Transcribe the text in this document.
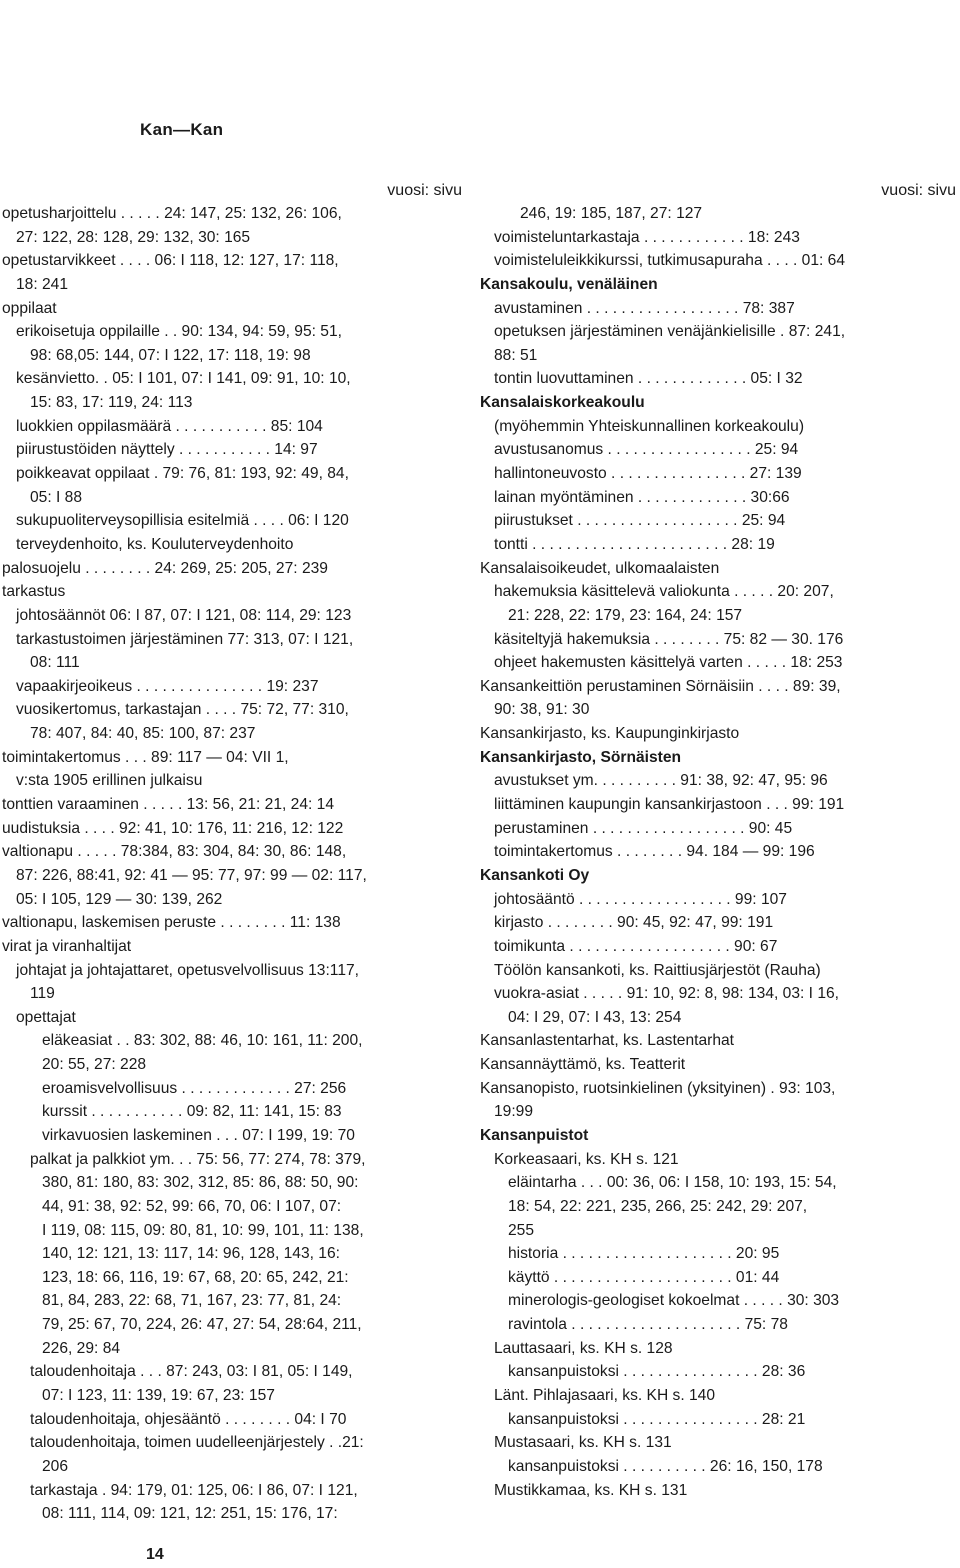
Kan—Kan
vuosi: sivu
opetusharjoittelu . . . . . 24: 147, 25: 132, 26: 106,
27: 122, 28: 128, 29: 132, 30: 165
opetustarvikkeet . . . . 06: I 118, 12: 127, 17: 118,
18: 241
oppilaat
erikoisetuja oppilaille . . 90: 134, 94: 59, 95: 51,
98: 68,05: 144, 07: I 122, 17: 118, 19: 98
kesänvietto. . 05: I 101, 07: I 141, 09: 91, 10: 10,
15: 83, 17: 119, 24: 113
luokkien oppilasmäärä . . . . . . . . . . . 85: 104
piirustustöiden näyttely . . . . . . . . . . . 14: 97
poikkeavat oppilaat . 79: 76, 81: 193, 92: 49, 84,
05: I 88
sukupuoliterveysopillisia esitelmiä . . . . 06: I 120
terveydenhoito, ks. Kouluterveydenhoito
palosuojelu . . . . . . . . 24: 269, 25: 205, 27: 239
tarkastus
johtosäännöt 06: I 87, 07: I 121, 08: 114, 29: 123
tarkastustoimen järjestäminen 77: 313, 07: I 121,
08: 111
vapaakirjeoikeus . . . . . . . . . . . . . . . 19: 237
vuosikertomus, tarkastajan . . . . 75: 72, 77: 310,
78: 407, 84: 40, 85: 100, 87: 237
toimintakertomus . . . 89: 117 — 04: VII 1,
v:sta 1905 erillinen julkaisu
tonttien varaaminen . . . . . 13: 56, 21: 21, 24: 14
uudistuksia . . . . 92: 41, 10: 176, 11: 216, 12: 122
valtionapu . . . . . 78:384, 83: 304, 84: 30, 86: 148,
87: 226, 88:41, 92: 41 — 95: 77, 97: 99 — 02: 117,
05: I 105, 129 — 30: 139, 262
valtionapu, laskemisen peruste . . . . . . . . 11: 138
virat ja viranhaltijat
johtajat ja johtajattaret, opetusvelvollisuus 13:117,
119
opettajat
eläkeasiat . . 83: 302, 88: 46, 10: 161, 11: 200,
20: 55, 27: 228
eroamisvelvollisuus . . . . . . . . . . . . . 27: 256
kurssit . . . . . . . . . . . 09: 82, 11: 141, 15: 83
virkavuosien laskeminen . . . 07: I 199, 19: 70
palkat ja palkkiot ym. . . 75: 56, 77: 274, 78: 379,
380, 81: 180, 83: 302, 312, 85: 86, 88: 50, 90:
44, 91: 38, 92: 52, 99: 66, 70, 06: I 107, 07:
I 119, 08: 115, 09: 80, 81, 10: 99, 101, 11: 138,
140, 12: 121, 13: 117, 14: 96, 128, 143, 16:
123, 18: 66, 116, 19: 67, 68, 20: 65, 242, 21:
81, 84, 283, 22: 68, 71, 167, 23: 77, 81, 24:
79, 25: 67, 70, 224, 26: 47, 27: 54, 28:64, 211,
226, 29: 84
taloudenhoitaja . . . 87: 243, 03: I 81, 05: I 149,
07: I 123, 11: 139, 19: 67, 23: 157
taloudenhoitaja, ohjesääntö . . . . . . . . 04: I 70
taloudenhoitaja, toimen uudelleenjärjestely . .21:
206
tarkastaja . 94: 179, 01: 125, 06: I 86, 07: I 121,
08: 111, 114, 09: 121, 12: 251, 15: 176, 17:
vuosi: sivu
246, 19: 185, 187, 27: 127
voimisteluntarkastaja . . . . . . . . . . . . 18: 243
voimisteluleikkikurssi, tutkimusapuraha . . . . 01: 64
Kansakoulu, venäläinen
avustaminen . . . . . . . . . . . . . . . . . . 78: 387
opetuksen järjestäminen venäjänkielisille . 87: 241,
88: 51
tontin luovuttaminen . . . . . . . . . . . . . 05: I 32
Kansalaiskorkeakoulu
(myöhemmin Yhteiskunnallinen korkeakoulu)
avustusanomus . . . . . . . . . . . . . . . . . 25: 94
hallintoneuvosto . . . . . . . . . . . . . . . . 27: 139
lainan myöntäminen . . . . . . . . . . . . . 30:66
piirustukset . . . . . . . . . . . . . . . . . . . 25: 94
tontti . . . . . . . . . . . . . . . . . . . . . . . 28: 19
Kansalaisoikeudet, ulkomaalaisten
hakemuksia käsittelevä valiokunta . . . . . 20: 207,
21: 228, 22: 179, 23: 164, 24: 157
käsiteltyjä hakemuksia . . . . . . . . 75: 82 — 30. 176
ohjeet hakemusten käsittelyä varten . . . . . 18: 253
Kansankeittiön perustaminen Sörnäisiin . . . . 89: 39,
90: 38, 91: 30
Kansankirjasto, ks. Kaupunginkirjasto
Kansankirjasto, Sörnäisten
avustukset ym. . . . . . . . . . 91: 38, 92: 47, 95: 96
liittäminen kaupungin kansankirjastoon . . . 99: 191
perustaminen . . . . . . . . . . . . . . . . . . 90: 45
toimintakertomus . . . . . . . . 94. 184 — 99: 196
Kansankoti Oy
johtosääntö . . . . . . . . . . . . . . . . . . 99: 107
kirjasto . . . . . . . . 90: 45, 92: 47, 99: 191
toimikunta . . . . . . . . . . . . . . . . . . . 90: 67
Töölön kansankoti, ks. Raittiusjärjestöt (Rauha)
vuokra-asiat . . . . . 91: 10, 92: 8, 98: 134, 03: I 16,
04: I 29, 07: I 43, 13: 254
Kansanlastentarhat, ks. Lastentarhat
Kansannäyttämö, ks. Teatterit
Kansanopisto, ruotsinkielinen (yksityinen) . 93: 103,
19:99
Kansanpuistot
Korkeasaari, ks. KH s. 121
eläintarha . . . 00: 36, 06: I 158, 10: 193, 15: 54,
18: 54, 22: 221, 235, 266, 25: 242, 29: 207,
255
historia . . . . . . . . . . . . . . . . . . . . 20: 95
käyttö . . . . . . . . . . . . . . . . . . . . . 01: 44
minerologis-geologiset kokoelmat . . . . . 30: 303
ravintola . . . . . . . . . . . . . . . . . . . . 75: 78
Lauttasaari, ks. KH s. 128
kansanpuistoksi . . . . . . . . . . . . . . . . 28: 36
Länt. Pihlajasaari, ks. KH s. 140
kansanpuistoksi . . . . . . . . . . . . . . . . 28: 21
Mustasaari, ks. KH s. 131
kansanpuistoksi . . . . . . . . . . 26: 16, 150, 178
Mustikkamaa, ks. KH s. 131
14
